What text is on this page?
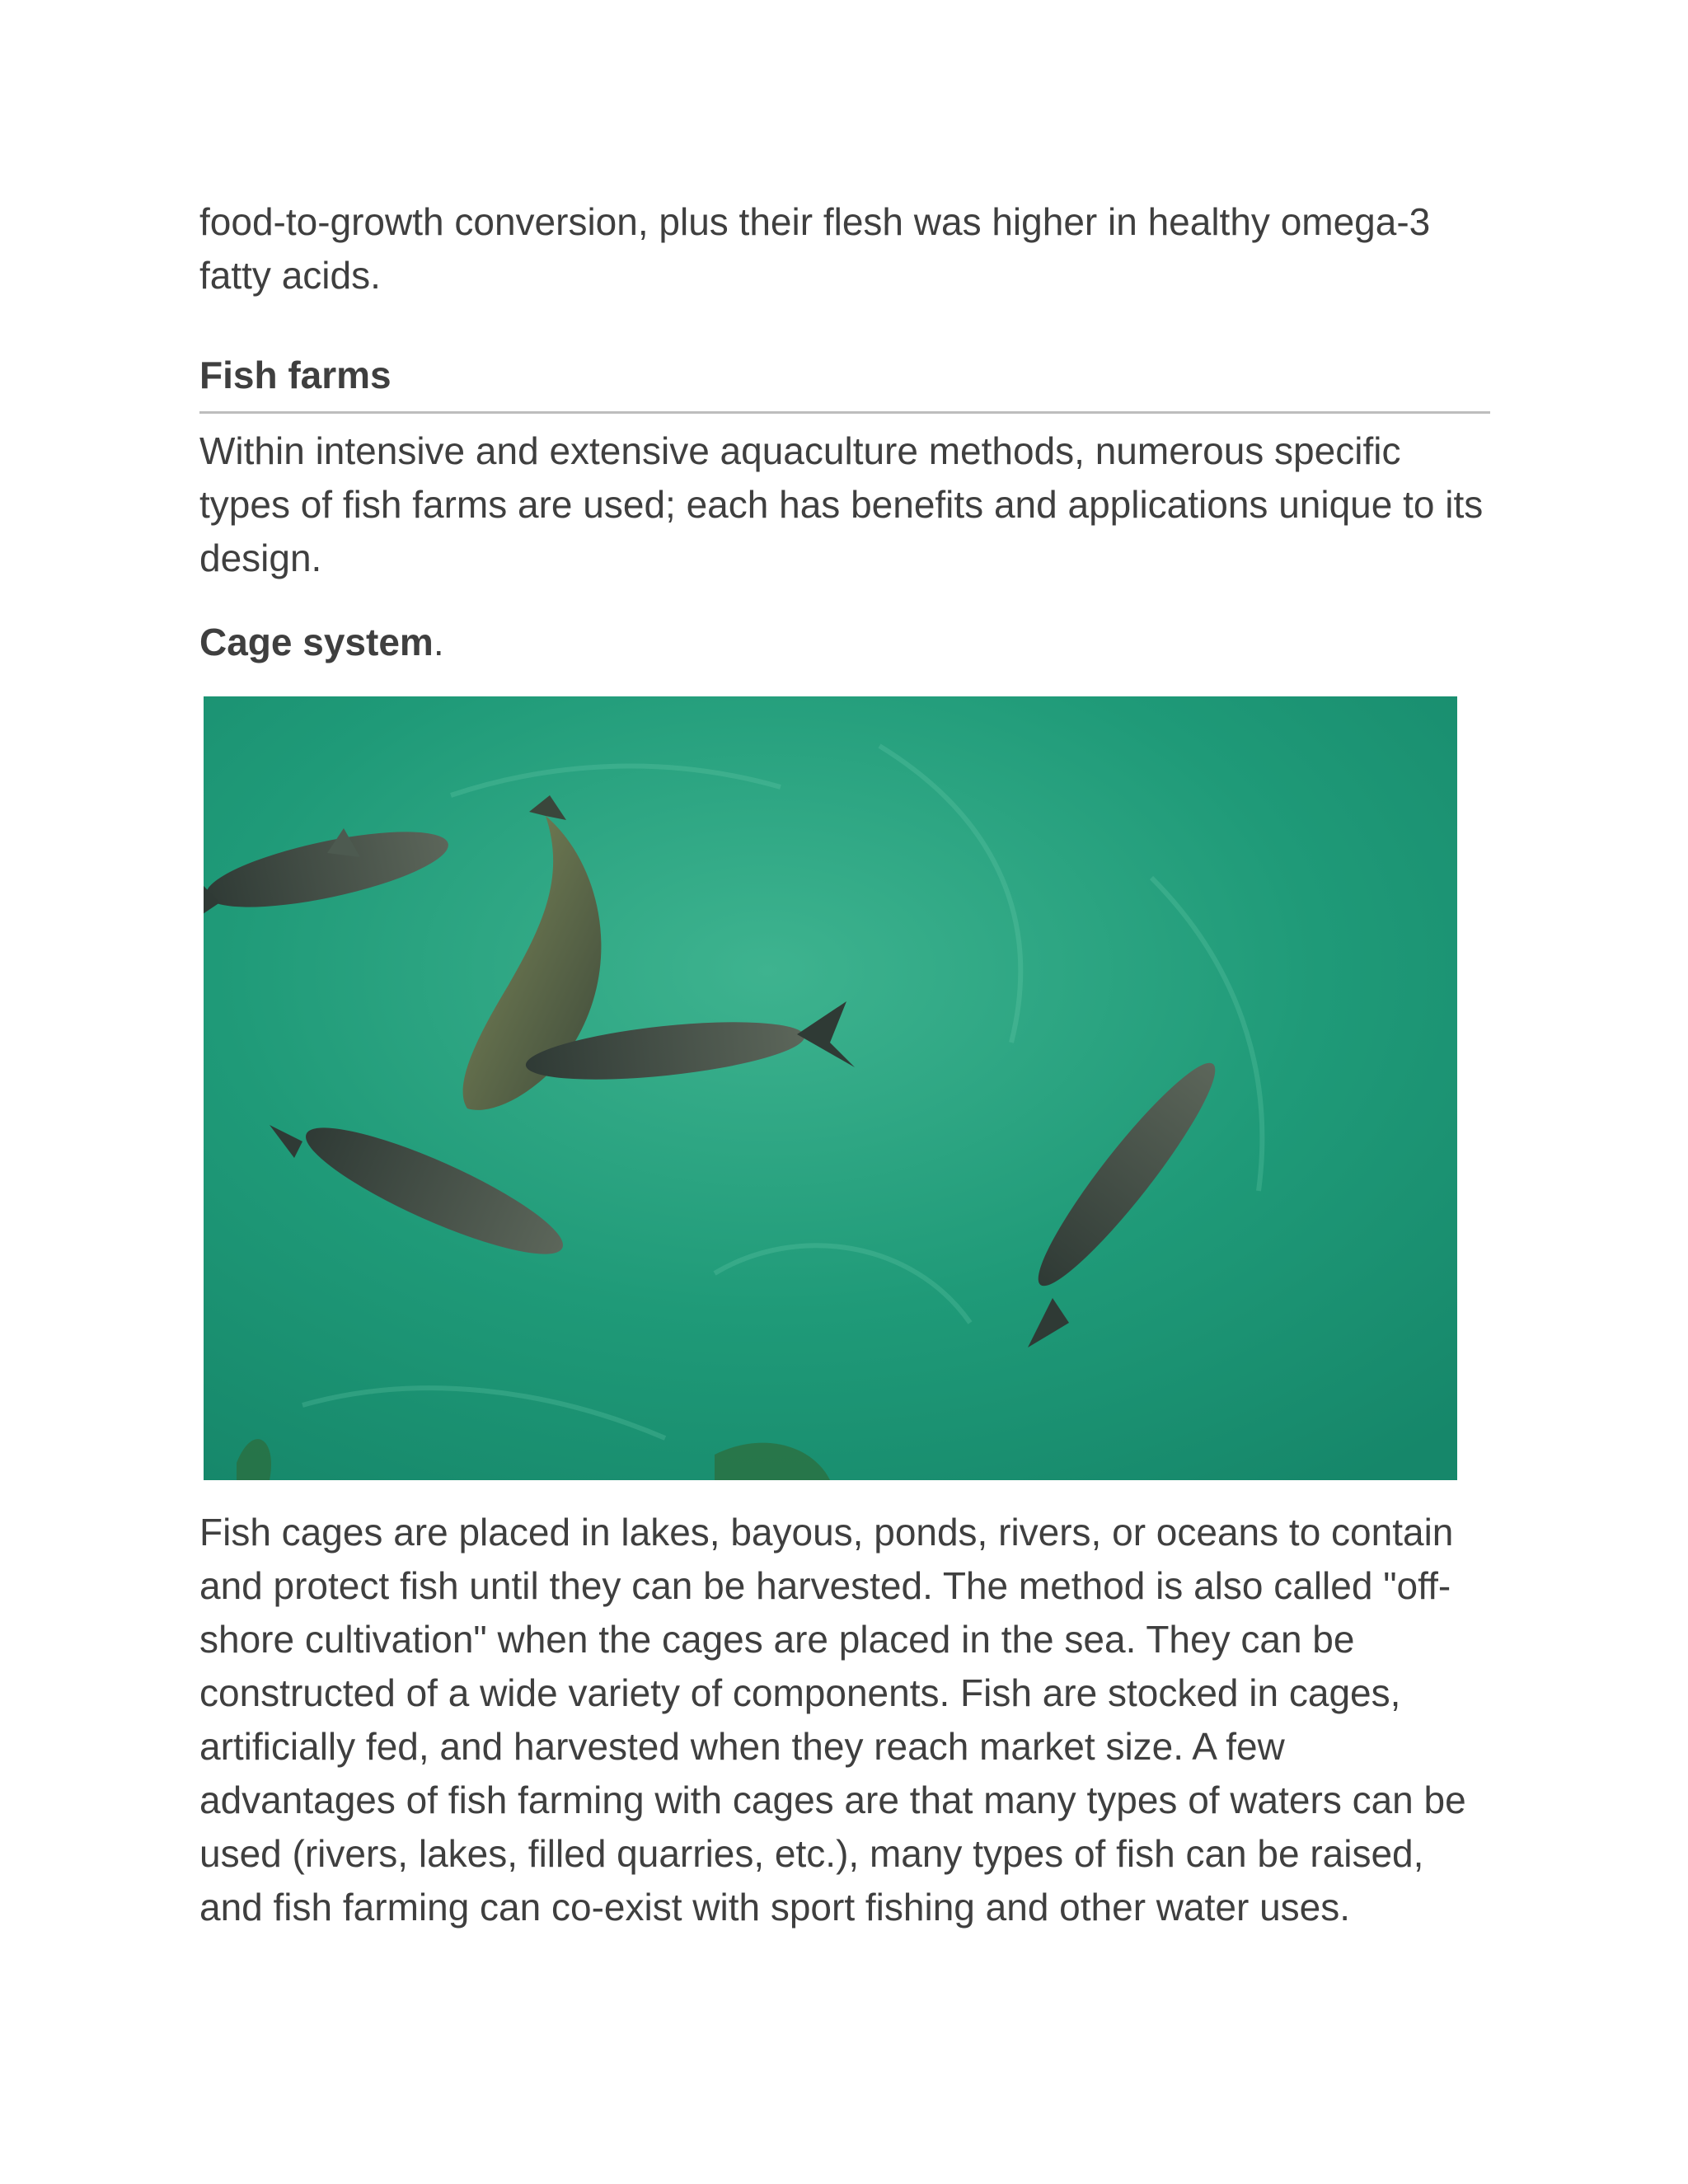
food-to-growth conversion, plus their flesh was higher in healthy omega-3 fatty acids.

Fish farms

Within intensive and extensive aquaculture methods, numerous specific types of fish farms are used; each has benefits and applications unique to its design.

Cage system.

Fish cages are placed in lakes, bayous, ponds, rivers, or oceans to contain and protect fish until they can be harvested. The method is also called "off-shore cultivation" when the cages are placed in the sea. They can be constructed of a wide variety of components. Fish are stocked in cages, artificially fed, and harvested when they reach market size. A few advantages of fish farming with cages are that many types of waters can be used (rivers, lakes, filled quarries, etc.), many types of fish can be raised, and fish farming can co-exist with sport fishing and other water uses.
